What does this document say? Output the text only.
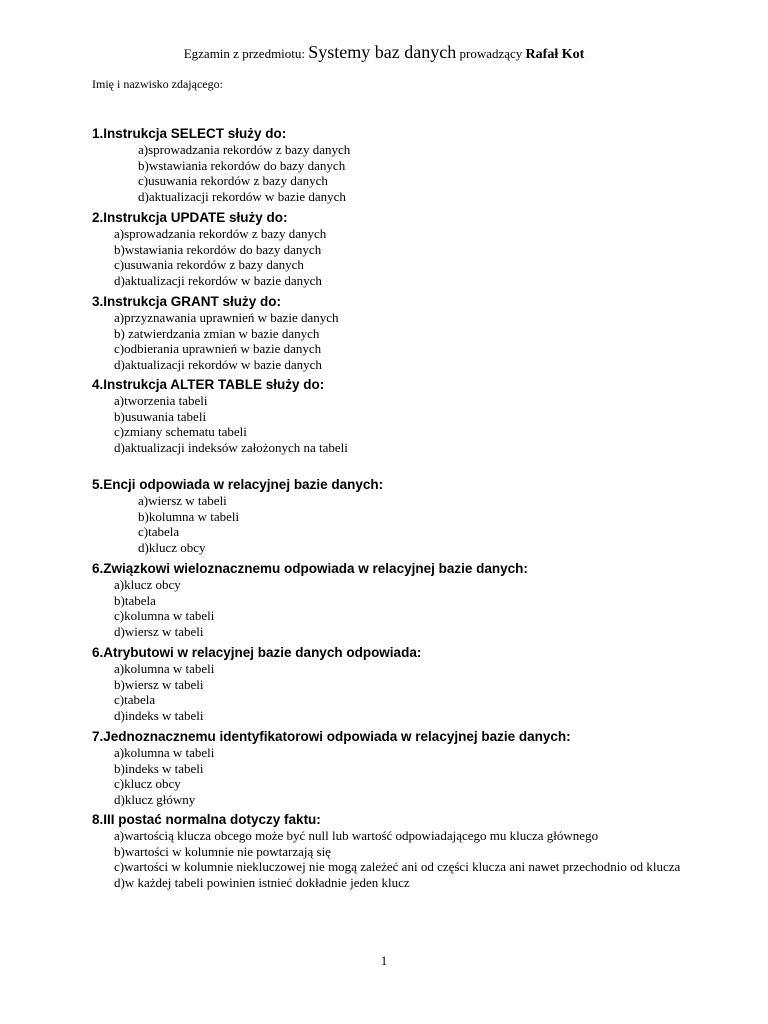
Egzamin z przedmiotu: Systemy baz danych prowadzący Rafał Kot
Imię i nazwisko zdającego:
1.Instrukcja SELECT służy do:
a)sprowadzania rekordów z bazy danych
b)wstawiania rekordów do bazy danych
c)usuwania rekordów z bazy danych
d)aktualizacji rekordów w bazie danych
2.Instrukcja UPDATE służy do:
a)sprowadzania rekordów z bazy danych
b)wstawiania rekordów do bazy danych
c)usuwania rekordów z bazy danych
d)aktualizacji rekordów w bazie danych
3.Instrukcja GRANT służy do:
a)przyznawania uprawnień w bazie danych
b) zatwierdzania zmian w bazie danych
c)odbierania uprawnień w bazie danych
d)aktualizacji rekordów w bazie danych
4.Instrukcja ALTER TABLE służy do:
a)tworzenia tabeli
b)usuwania tabeli
c)zmiany schematu tabeli
d)aktualizacji indeksów założonych na tabeli
5.Encji odpowiada w relacyjnej bazie danych:
a)wiersz w tabeli
b)kolumna w tabeli
c)tabela
d)klucz obcy
6.Związkowi wieloznacznemu odpowiada w relacyjnej bazie danych:
a)klucz obcy
b)tabela
c)kolumna w tabeli
d)wiersz w tabeli
6.Atrybutowi w relacyjnej bazie danych odpowiada:
a)kolumna w tabeli
b)wiersz w tabeli
c)tabela
d)indeks w tabeli
7.Jednoznacznemu identyfikatorowi odpowiada w relacyjnej bazie danych:
a)kolumna w tabeli
b)indeks w tabeli
c)klucz obcy
d)klucz główny
8.III postać normalna dotyczy faktu:
a)wartością klucza obcego może być null lub wartość odpowiadającego mu klucza głównego
b)wartości w kolumnie nie powtarzają się
c)wartości w kolumnie niekluczowej nie mogą zależeć ani od części klucza ani nawet przechodnio od klucza
d)w każdej tabeli powinien istnieć dokładnie jeden klucz
1
